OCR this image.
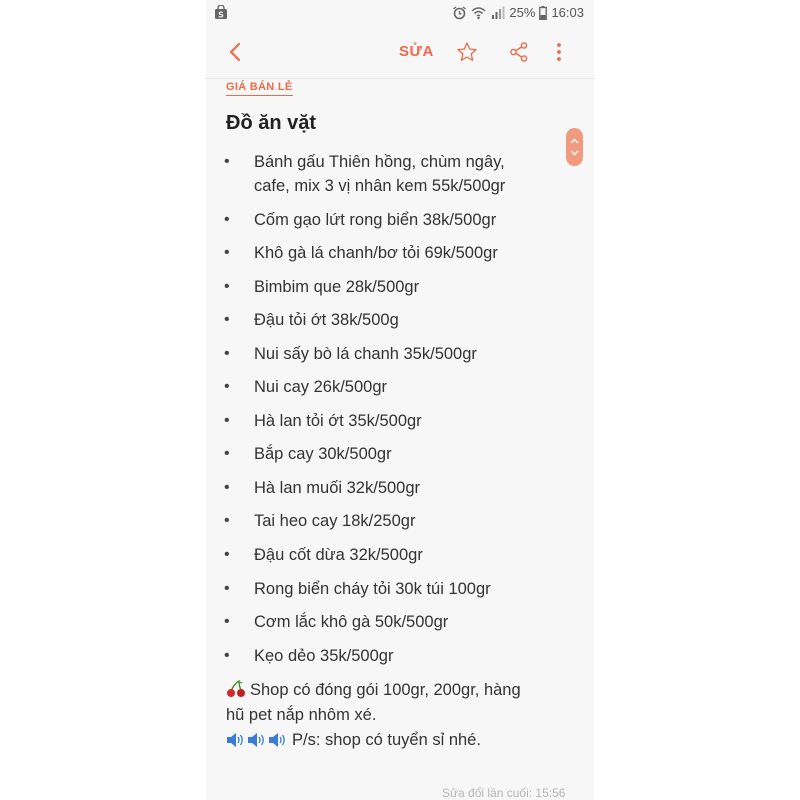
S	25% 16:03
SỬA
GIÁ BÁN LẺ
Đồ ăn vặt
• Bánh gấu Thiên hồng, chùm ngây,
cafe, mix 3 vị nhân kem 55k/500gr
• Cốm gạo lứt rong biển 38k/500gr
• Khô gà lá chanh/bơ tỏi 69k/500gr
• Bimbim que 28k/500gr
• Đậu tỏi ớt 38k/500g
• Nui sấy bò lá chanh 35k/500gr
• Nui cay 26k/500gr
• Hà lan tỏi ớt 35k/500gr
• Bắp cay 30k/500gr
• Hà lan muối 32k/500gr
• Tai heo cay 18k/250gr
• Đậu cốt dừa 32k/500gr
• Rong biển cháy tỏi 30k túi 100gr
• Cơm lắc khô gà 50k/500gr
• Kẹo dẻo 35k/500gr
Shop có đóng gói 100gr, 200gr, hàng
hũ pet nắp nhôm xé.
P/s: shop có tuyển sỉ nhé.
Sửa đổi lần cuối: 15:56
